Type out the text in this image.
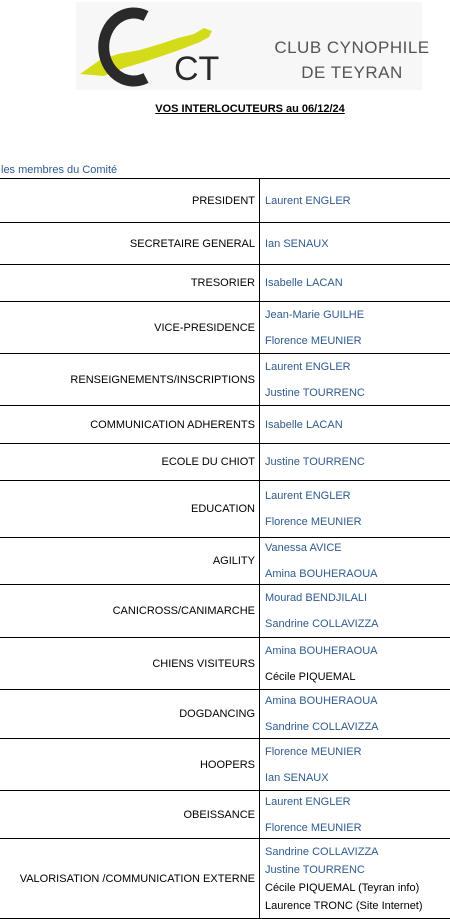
CT
CLUB CYNOPHILE
DE TEYRAN
VOS INTERLOCUTEURS au 06/12/24
les membres du Comité
PRESIDENT	Laurent ENGLER

SECRETAIRE GENERAL	Ian SENAUX

TRESORIER	Isabelle LACAN

VICE-PRESIDENCE	Jean-Marie GUILHE
Florence MEUNIER

RENSEIGNEMENTS/INSCRIPTIONS	Laurent ENGLER
Justine TOURRENC

COMMUNICATION ADHERENTS	Isabelle LACAN

ECOLE DU CHIOT	Justine TOURRENC

EDUCATION	Laurent ENGLER
Florence MEUNIER

AGILITY	Vanessa AVICE
Amina BOUHERAOUA

CANICROSS/CANIMARCHE	Mourad BENDJILALI
Sandrine COLLAVIZZA

CHIENS VISITEURS	Amina BOUHERAOUA
Cécile PIQUEMAL

DOGDANCING	Amina BOUHERAOUA
Sandrine COLLAVIZZA

HOOPERS	Florence MEUNIER
Ian SENAUX

OBEISSANCE	Laurent ENGLER
Florence MEUNIER

VALORISATION /COMMUNICATION EXTERNE	Sandrine COLLAVIZZA
Justine TOURRENC
Cécile PIQUEMAL (Teyran info)
Laurence TRONC (Site Internet)
